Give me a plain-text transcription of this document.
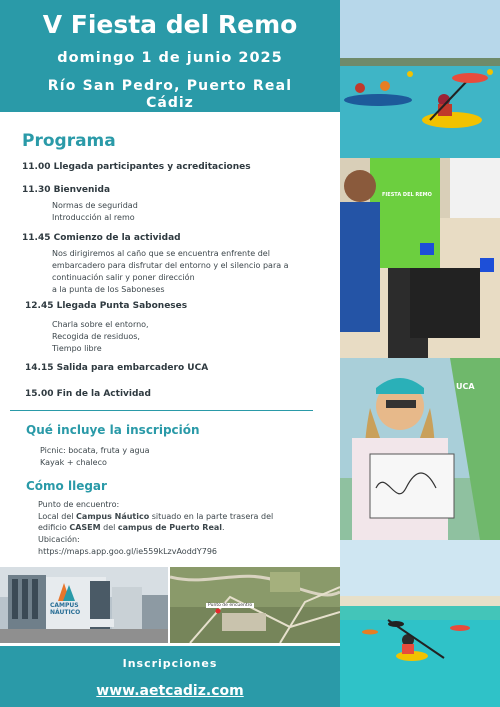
V Fiesta del Remo
domingo 1 de junio 2025
Río San Pedro, Puerto Real
Cádiz
Programa
11.00 Llegada participantes y acreditaciones
11.30 Bienvenida
Normas de seguridad
Introducción al remo
11.45 Comienzo de la actividad
Nos dirigiremos al caño que se encuentra enfrente del
embarcadero para disfrutar del entorno y el silencio para a
continuación salir y poner dirección
a la punta de los Saboneses
12.45 Llegada Punta Saboneses
Charla sobre el entorno,
Recogida de residuos,
Tiempo libre
14.15 Salida para embarcadero UCA
15.00 Fin de la Actividad
Qué incluye la inscripción
Picnic: bocata, fruta y agua
Kayak + chaleco
Cómo llegar
Punto de encuentro:
Local del Campus Náutico situado en la parte trasera del
edificio CASEM del campus de Puerto Real.
Ubicación:
https://maps.app.goo.gl/ie559kLzvAoddY796
CAMPUS
NÁUTICO
Punto de encuentro
Inscripciones
www.aetcadiz.com
FIESTA DEL REMO
UCA
